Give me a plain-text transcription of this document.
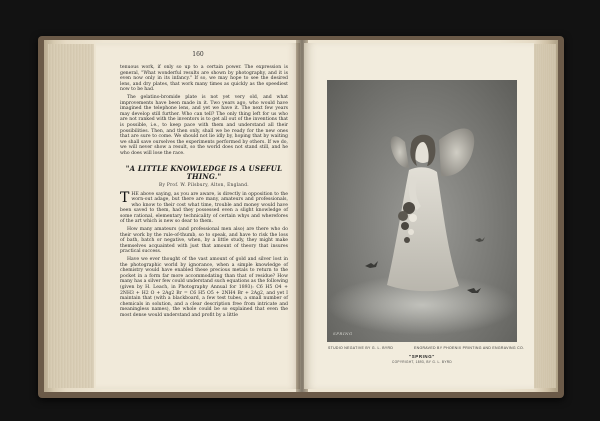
160

tenuous work, if only so up to a certain power. The expression is general, "What wonderful results are shown by photography, and it is even now only in its infancy." If so, we may hope to see the desired lens, and dry plates, that work many times as quickly as the speediest now to be had.

The gelatino-bromide plate is not yet very old, and what improvements have been made in it. Two years ago, who would have imagined the telephone lens, and yet we have it. The next few years may develop still further. Who can tell? The only thing left for us who are not ranked with the inventors is to get all out of the inventions that is possible, i.e., to keep pace with them and understand all their possibilities. Then, and then only, shall we be ready for the new ones that are sure to come. We should not lie idly by, hoping that by waiting we shall save ourselves the experiments performed by others. If we do, we will never show a result, so the world does not stand still, and he who does will lose the race.

"A LITTLE KNOWLEDGE IS A USEFUL THING."
By Prof. W. Pilsbury, Alton, England.

THE above saying, as you are aware, is directly in opposition to the worn-out adage, but there are many, amateurs and professionals, who know to their cost what time, trouble and money would have been saved to them, had they possessed even a slight knowledge of some rational, elementary technicality of certain whys and wherefores of the art which is new so dear to them.

How many amateurs (and professional men also) are there who do their work by the rule-of-thumb, so to speak, and have to risk the loss of bath, batch or negative, when, by a little study, they might make themselves acquainted with just that amount of theory that insures practical success.

Have we ever thought of the vast amount of gold and silver lost in the photographic world by ignorance, when a simple knowledge of chemistry would have enabled these precious metals to return to the pocket in a form far more accommodating than that of residue? How many has a silver few could understand such equations as the following (given by H. Leach, in Photography Annual for 1893): C6 H5 O4 + 2NH3 + H2 O + 2Ag2 Br = C6 H5 O5 + 2NH4 Br + 2Ag2, and yet I maintain that (with a blackboard, a few test tubes, a small number of chemicals in solution, and a clear description free from intricate and meaningless names), the whole could be so explained that even the most dense would understand and profit by a little

SPRING
STUDIO NEGATIVE BY G. L. BYRD	ENGRAVED BY PHOENIX PRINTING AND ENGRAVING CO.
"SPRING"
COPYRIGHT, 1893, BY G. L. BYRD
